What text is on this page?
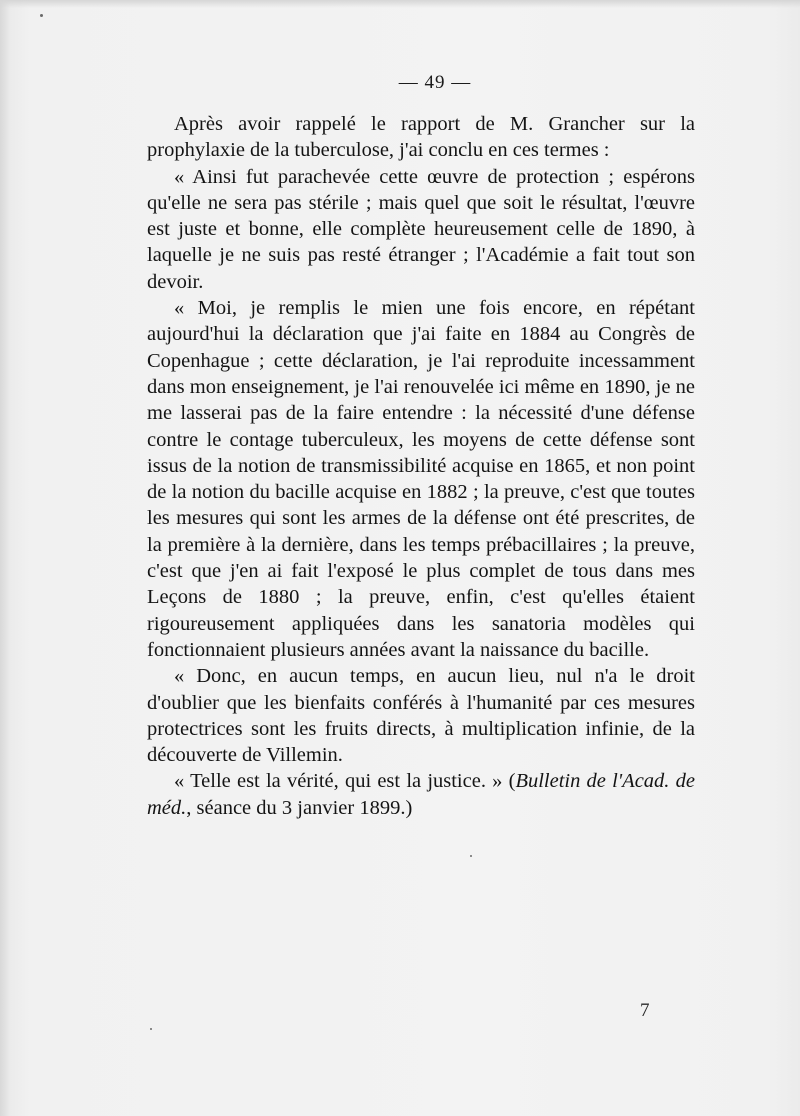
— 49 —

Après avoir rappelé le rapport de M. Grancher sur la prophylaxie de la tuberculose, j'ai conclu en ces termes :

« Ainsi fut parachevée cette œuvre de protection ; espérons qu'elle ne sera pas stérile ; mais quel que soit le résultat, l'œuvre est juste et bonne, elle complète heureusement celle de 1890, à laquelle je ne suis pas resté étranger ; l'Académie a fait tout son devoir.

« Moi, je remplis le mien une fois encore, en répétant aujourd'hui la déclaration que j'ai faite en 1884 au Congrès de Copenhague ; cette déclaration, je l'ai reproduite incessamment dans mon enseignement, je l'ai renouvelée ici même en 1890, je ne me lasserai pas de la faire entendre : la nécessité d'une défense contre le contage tuberculeux, les moyens de cette défense sont issus de la notion de transmissibilité acquise en 1865, et non point de la notion du bacille acquise en 1882 ; la preuve, c'est que toutes les mesures qui sont les armes de la défense ont été prescrites, de la première à la dernière, dans les temps prébacillaires ; la preuve, c'est que j'en ai fait l'exposé le plus complet de tous dans mes Leçons de 1880 ; la preuve, enfin, c'est qu'elles étaient rigoureusement appliquées dans les sanatoria modèles qui fonctionnaient plusieurs années avant la naissance du bacille.

« Donc, en aucun temps, en aucun lieu, nul n'a le droit d'oublier que les bienfaits conférés à l'humanité par ces mesures protectrices sont les fruits directs, à multiplication infinie, de la découverte de Villemin.

« Telle est la vérité, qui est la justice. » (Bulletin de l'Acad. de méd., séance du 3 janvier 1899.)

7
